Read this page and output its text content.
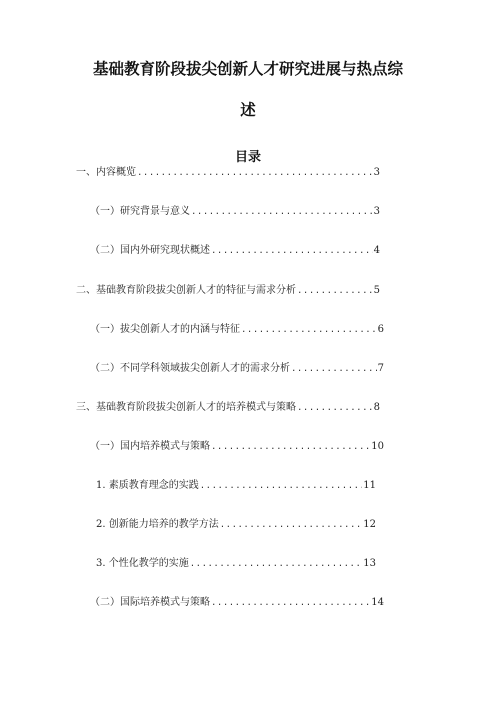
基础教育阶段拔尖创新人才研究进展与热点综
述
目录
一、内容概览 .....	3
（一）研究背景与意义 .....	3
（二）国内外研究现状概述 .....	4
二、基础教育阶段拔尖创新人才的特征与需求分析 .....	5
（一）拔尖创新人才的内涵与特征 .....	6
（二）不同学科领域拔尖创新人才的需求分析 .....	7
三、基础教育阶段拔尖创新人才的培养模式与策略 .....	8
（一）国内培养模式与策略 .....	10
1. 素质教育理念的实践 .....	11
2. 创新能力培养的教学方法 .....	12
3. 个性化教学的实施 .....	13
（二）国际培养模式与策略 .....	14
